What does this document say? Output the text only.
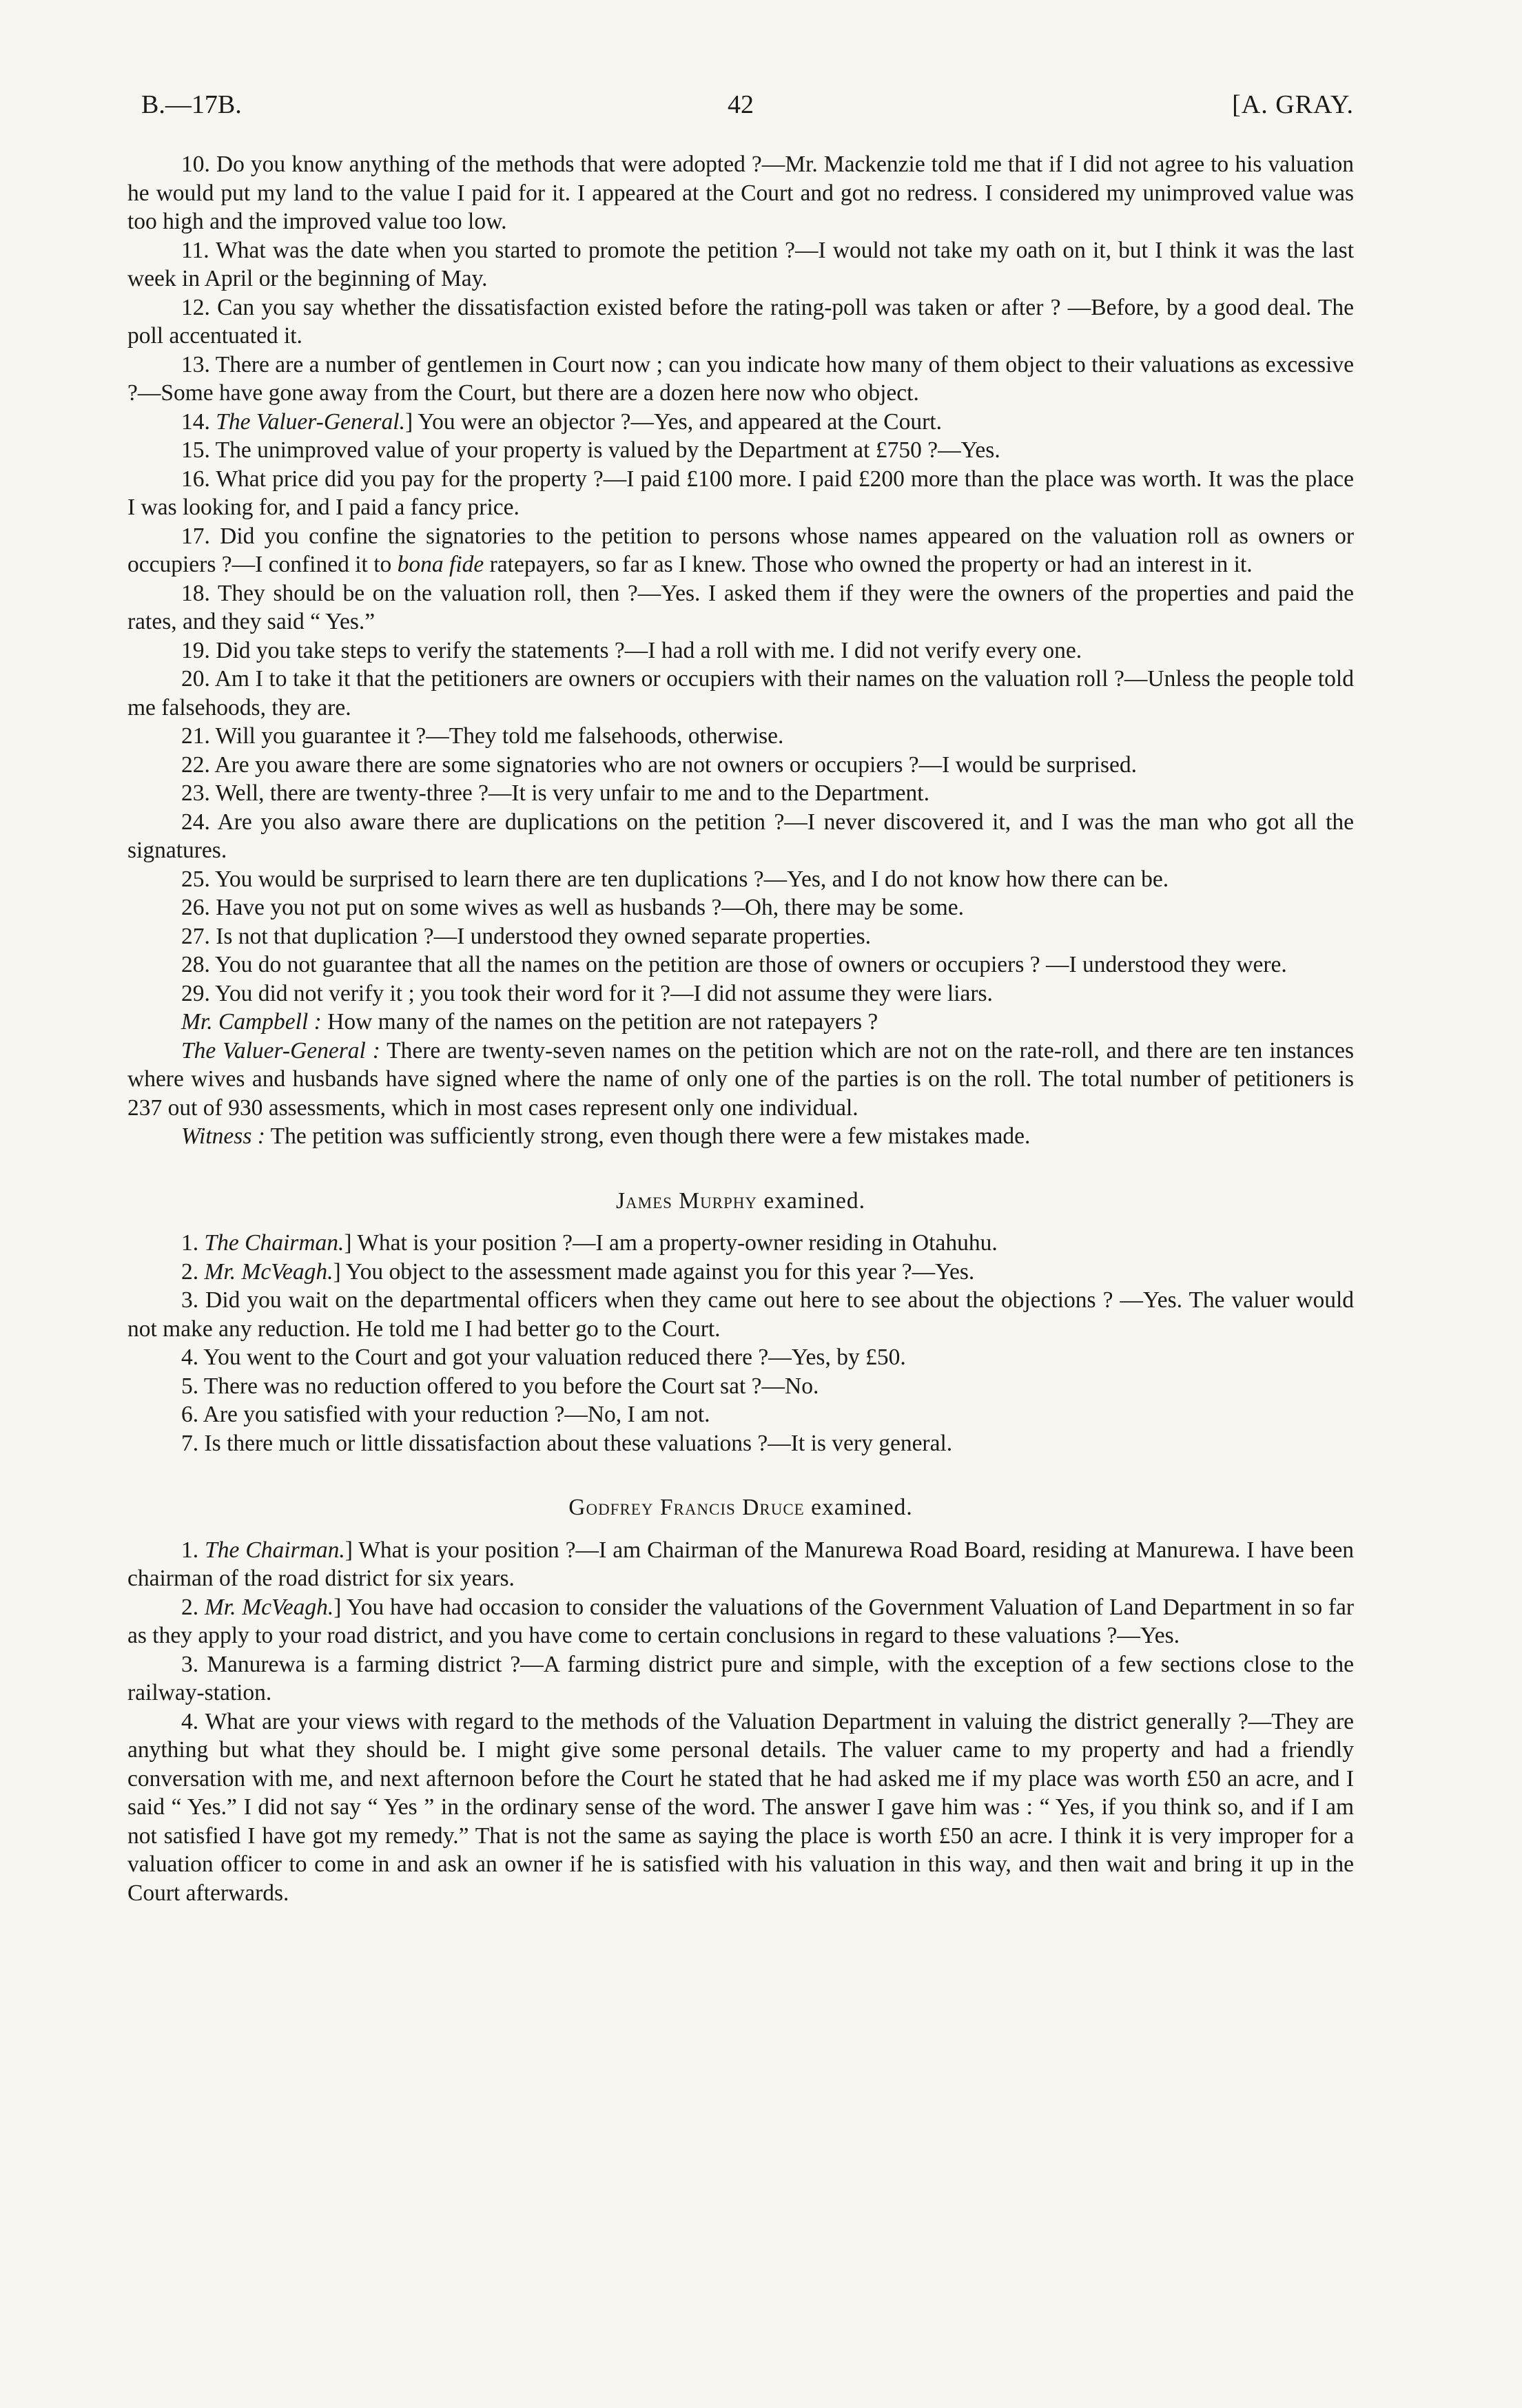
B.—17B.	42	[A. GRAY.

10. Do you know anything of the methods that were adopted ?—Mr. Mackenzie told me that if I did not agree to his valuation he would put my land to the value I paid for it. I appeared at the Court and got no redress. I considered my unimproved value was too high and the improved value too low.

11. What was the date when you started to promote the petition ?—I would not take my oath on it, but I think it was the last week in April or the beginning of May.

12. Can you say whether the dissatisfaction existed before the rating-poll was taken or after ? —Before, by a good deal. The poll accentuated it.

13. There are a number of gentlemen in Court now ; can you indicate how many of them object to their valuations as excessive ?—Some have gone away from the Court, but there are a dozen here now who object.

14. The Valuer-General.] You were an objector ?—Yes, and appeared at the Court.

15. The unimproved value of your property is valued by the Department at £750 ?—Yes.

16. What price did you pay for the property ?—I paid £100 more. I paid £200 more than the place was worth. It was the place I was looking for, and I paid a fancy price.

17. Did you confine the signatories to the petition to persons whose names appeared on the valuation roll as owners or occupiers ?—I confined it to bona fide ratepayers, so far as I knew. Those who owned the property or had an interest in it.

18. They should be on the valuation roll, then ?—Yes. I asked them if they were the owners of the properties and paid the rates, and they said “ Yes.”

19. Did you take steps to verify the statements ?—I had a roll with me. I did not verify every one.

20. Am I to take it that the petitioners are owners or occupiers with their names on the valuation roll ?—Unless the people told me falsehoods, they are.

21. Will you guarantee it ?—They told me falsehoods, otherwise.

22. Are you aware there are some signatories who are not owners or occupiers ?—I would be surprised.

23. Well, there are twenty-three ?—It is very unfair to me and to the Department.

24. Are you also aware there are duplications on the petition ?—I never discovered it, and I was the man who got all the signatures.

25. You would be surprised to learn there are ten duplications ?—Yes, and I do not know how there can be.

26. Have you not put on some wives as well as husbands ?—Oh, there may be some.

27. Is not that duplication ?—I understood they owned separate properties.

28. You do not guarantee that all the names on the petition are those of owners or occupiers ? —I understood they were.

29. You did not verify it ; you took their word for it ?—I did not assume they were liars.

Mr. Campbell : How many of the names on the petition are not ratepayers ?

The Valuer-General : There are twenty-seven names on the petition which are not on the rate-roll, and there are ten instances where wives and husbands have signed where the name of only one of the parties is on the roll. The total number of petitioners is 237 out of 930 assessments, which in most cases represent only one individual.

Witness : The petition was sufficiently strong, even though there were a few mistakes made.

James Murphy examined.

1. The Chairman.] What is your position ?—I am a property-owner residing in Otahuhu.

2. Mr. McVeagh.] You object to the assessment made against you for this year ?—Yes.

3. Did you wait on the departmental officers when they came out here to see about the objections ? —Yes. The valuer would not make any reduction. He told me I had better go to the Court.

4. You went to the Court and got your valuation reduced there ?—Yes, by £50.

5. There was no reduction offered to you before the Court sat ?—No.

6. Are you satisfied with your reduction ?—No, I am not.

7. Is there much or little dissatisfaction about these valuations ?—It is very general.

Godfrey Francis Druce examined.

1. The Chairman.] What is your position ?—I am Chairman of the Manurewa Road Board, residing at Manurewa. I have been chairman of the road district for six years.

2. Mr. McVeagh.] You have had occasion to consider the valuations of the Government Valuation of Land Department in so far as they apply to your road district, and you have come to certain conclusions in regard to these valuations ?—Yes.

3. Manurewa is a farming district ?—A farming district pure and simple, with the exception of a few sections close to the railway-station.

4. What are your views with regard to the methods of the Valuation Department in valuing the district generally ?—They are anything but what they should be. I might give some personal details. The valuer came to my property and had a friendly conversation with me, and next afternoon before the Court he stated that he had asked me if my place was worth £50 an acre, and I said “ Yes.” I did not say “ Yes ” in the ordinary sense of the word. The answer I gave him was : “ Yes, if you think so, and if I am not satisfied I have got my remedy.” That is not the same as saying the place is worth £50 an acre. I think it is very improper for a valuation officer to come in and ask an owner if he is satisfied with his valuation in this way, and then wait and bring it up in the Court afterwards.
